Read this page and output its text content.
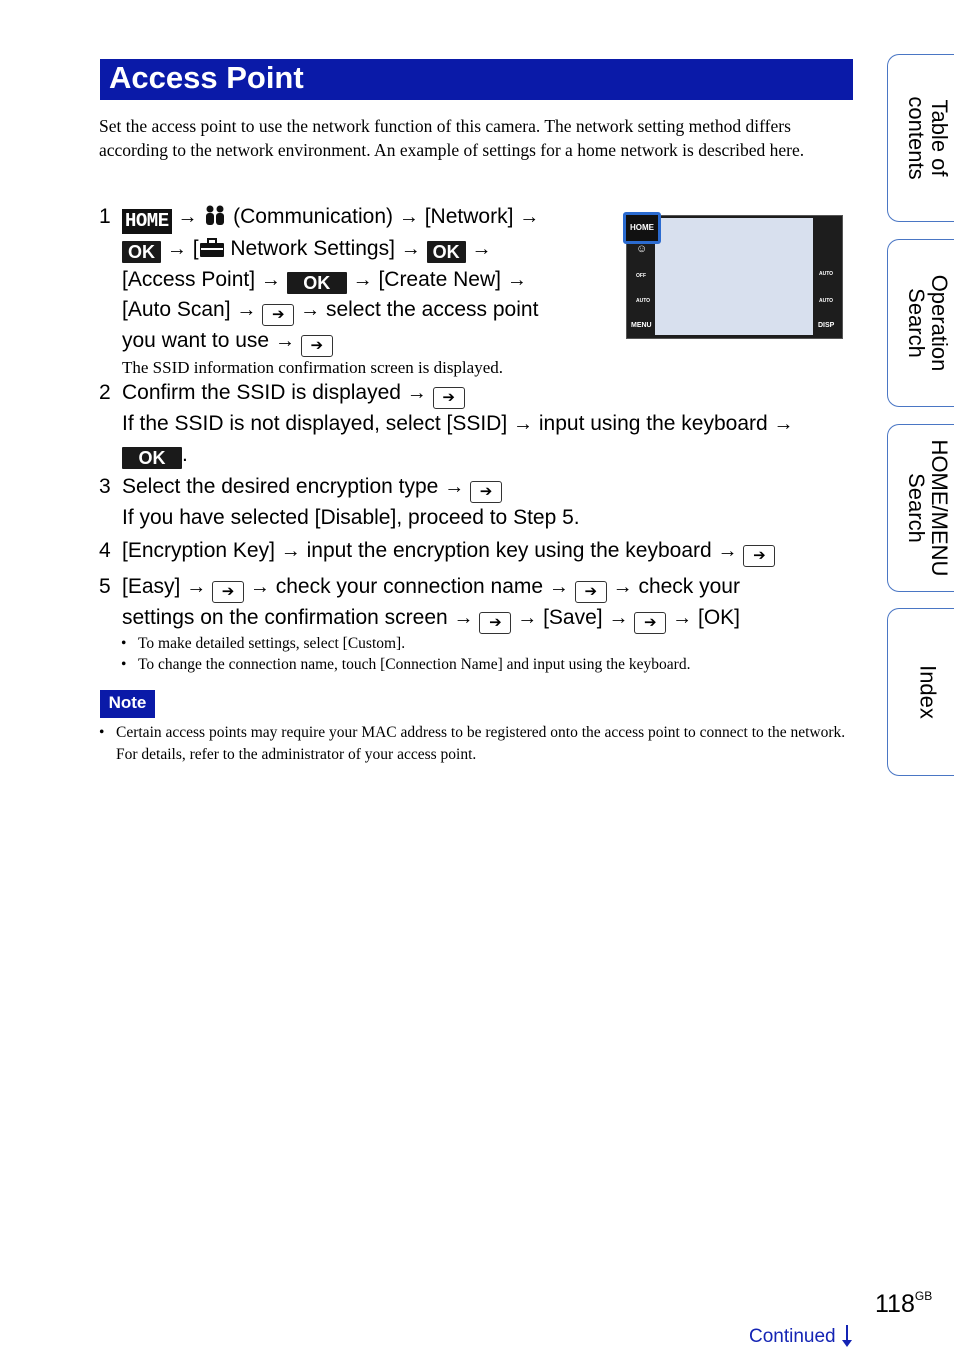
Access Point
Set the access point to use the network function of this camera. The network setting method differs according to the network environment. An example of settings for a home network is described here.
1 HOME → (Communication) → [Network] →
OK → [ Network Settings] → OK →
[Access Point] → OK → [Create New] →
[Auto Scan] → ➔ → select the access point
you want to use → ➔
The SSID information confirmation screen is displayed.
HOME
☺
OFF
AUTO
MENU
AUTO
AUTO
DISP
2 Confirm the SSID is displayed → ➔
If the SSID is not displayed, select [SSID] → input using the keyboard →
OK .
3 Select the desired encryption type → ➔
If you have selected [Disable], proceed to Step 5.
4 [Encryption Key] → input the encryption key using the keyboard → ➔
5 [Easy] → ➔ → check your connection name → ➔ → check your
settings on the confirmation screen → ➔ → [Save] → ➔ → [OK]
• To make detailed settings, select [Custom].
• To change the connection name, touch [Connection Name] and input using the keyboard.
Note
• Certain access points may require your MAC address to be registered onto the access point to connect to the network. For details, refer to the administrator of your access point.
Table of
contents
Operation
Search
HOME/MENU
Search
Index
$118^{GB}$
Continued
